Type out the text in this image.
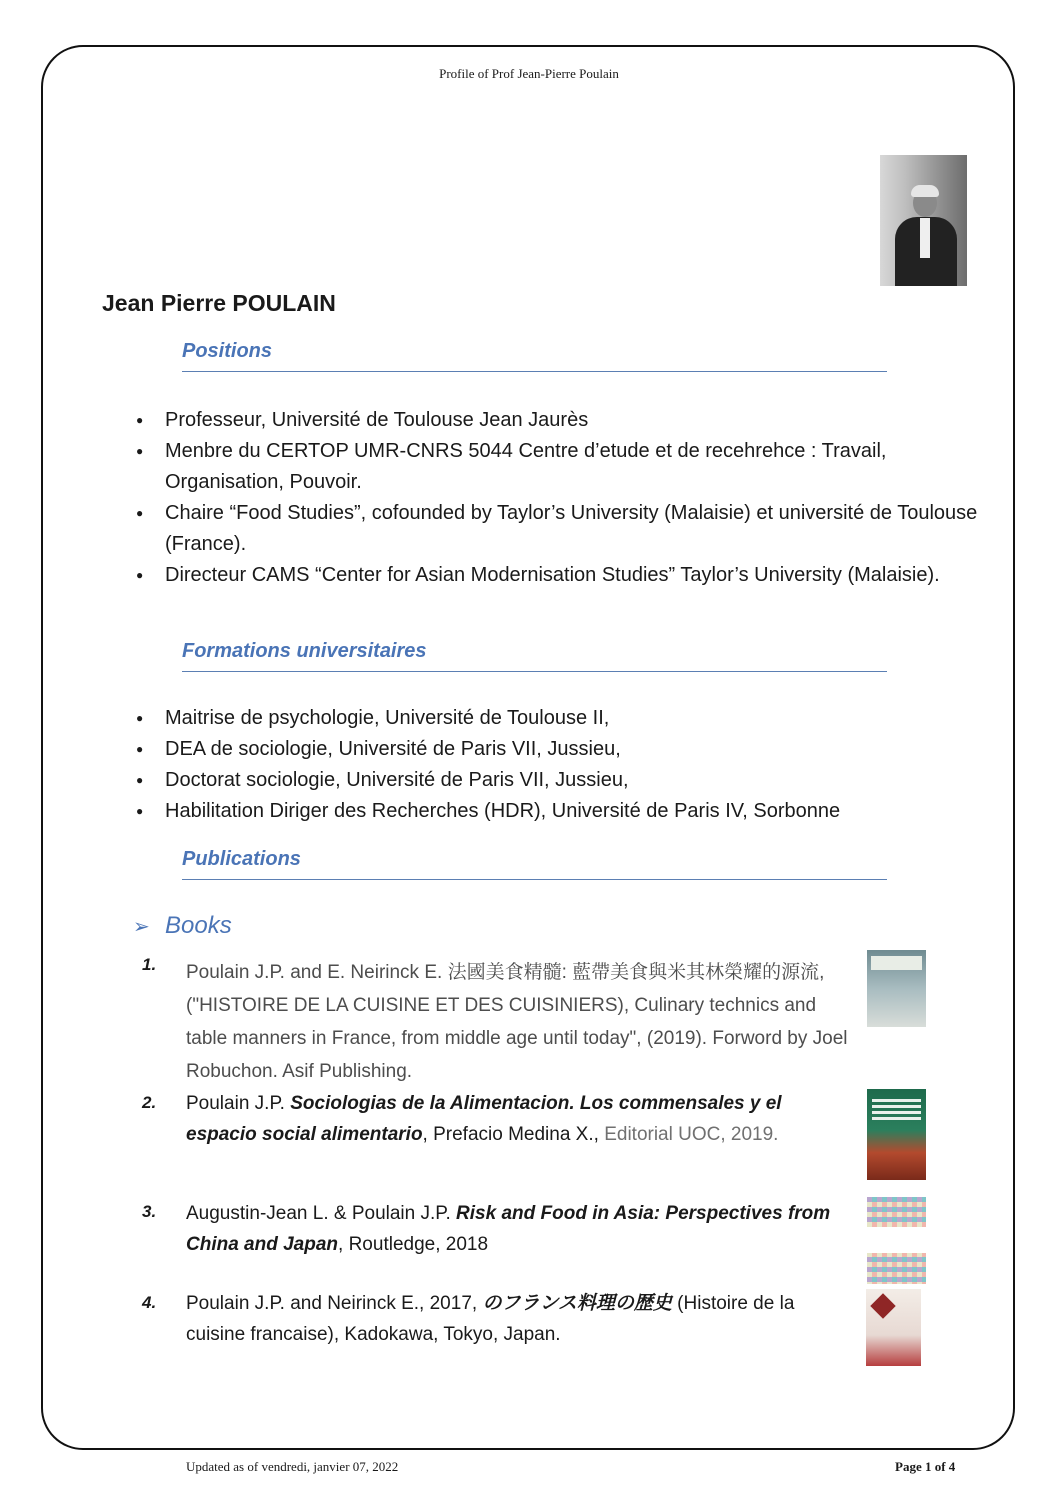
Profile of Prof Jean-Pierre Poulain
Jean Pierre POULAIN
Positions
● Professeur, Université de Toulouse Jean Jaurès
● Menbre du CERTOP UMR-CNRS 5044 Centre d’etude et de recehrehce : Travail, Organisation, Pouvoir.
● Chaire “Food Studies”, cofounded by Taylor’s University (Malaisie) et université de Toulouse (France).
● Directeur CAMS “Center for Asian Modernisation Studies” Taylor’s University (Malaisie).
Formations universitaires
● Maitrise de psychologie, Université de Toulouse II,
● DEA de sociologie, Université de Paris VII, Jussieu,
● Doctorat sociologie, Université de Paris VII, Jussieu,
● Habilitation Diriger des Recherches (HDR), Université de Paris IV, Sorbonne
Publications
➢ Books
1. Poulain J.P. and E. Neirinck E. 法國美食精髓: 藍帶美食與米其林榮耀的源流, ("HISTOIRE DE LA CUISINE ET DES CUISINIERS), Culinary technics and table manners in France, from middle age until today", (2019). Forword by Joel Robuchon. Asif Publishing.
2. Poulain J.P. Sociologias de la Alimentacion. Los commensales y el espacio social alimentario, Prefacio Medina X., Editorial UOC, 2019.
3. Augustin-Jean L. & Poulain J.P. Risk and Food in Asia: Perspectives from China and Japan, Routledge, 2018
4. Poulain J.P. and Neirinck E., 2017, のフランス料理の歴史 (Histoire de la cuisine francaise), Kadokawa, Tokyo, Japan.
Updated as of vendredi, janvier 07, 2022	Page 1 of 4
